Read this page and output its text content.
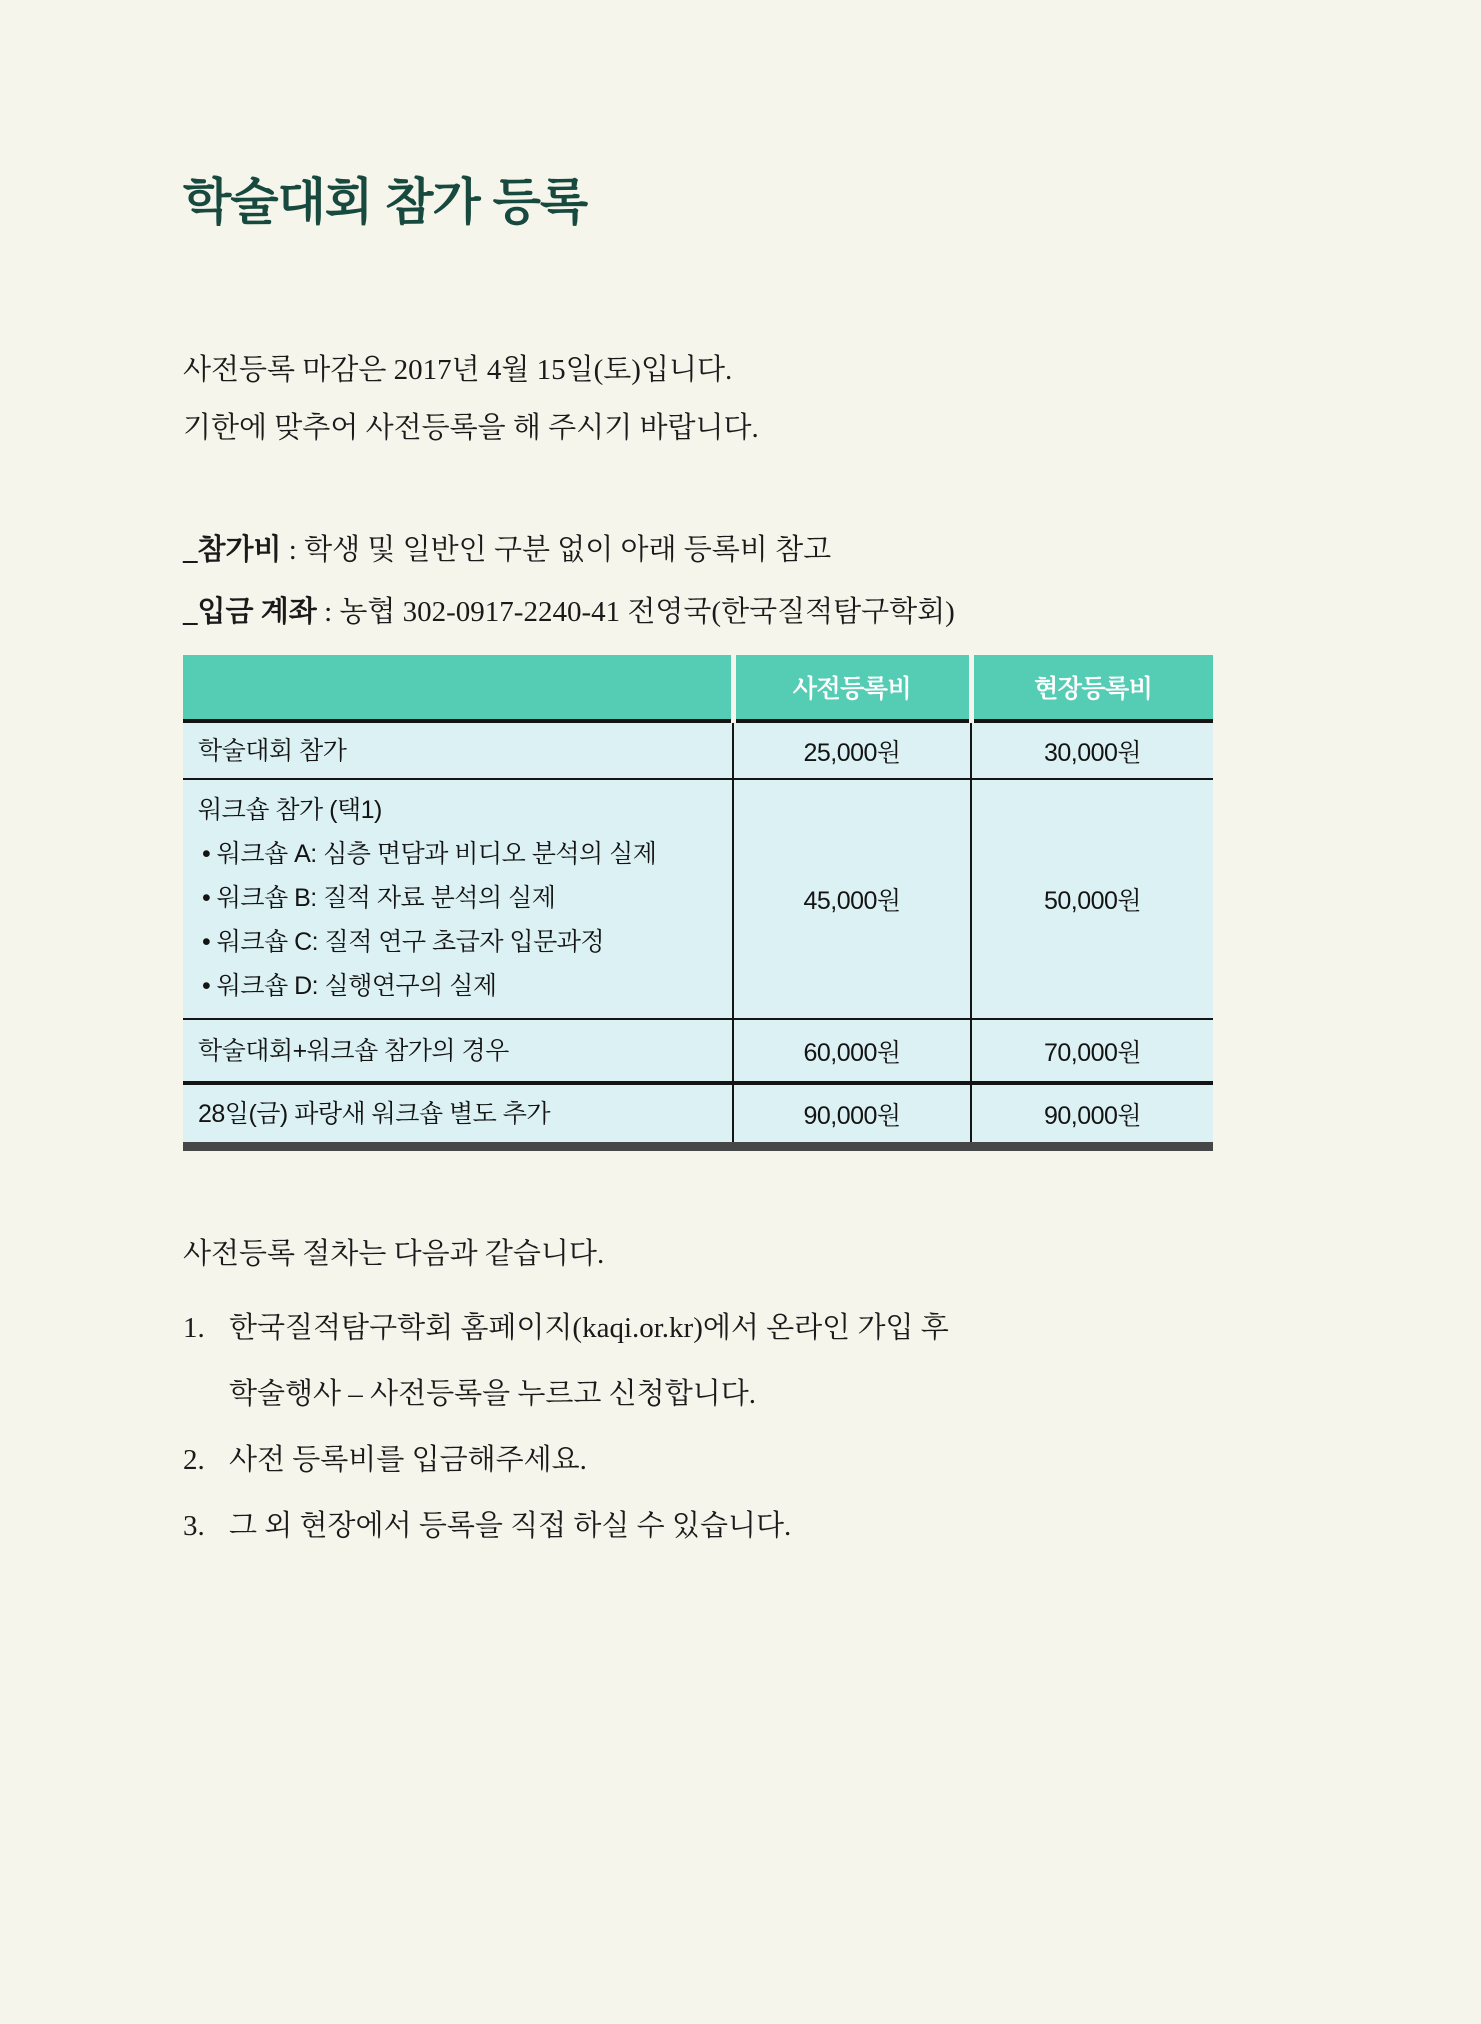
학술대회 참가 등록

사전등록 마감은 2017년 4월 15일(토)입니다.

기한에 맞추어 사전등록을 해 주시기 바랍니다.

_참가비 : 학생 및 일반인 구분 없이 아래 등록비 참고

_입금 계좌 : 농협 302-0917-2240-41 전영국(한국질적탐구학회)

	사전등록비	현장등록비

학술대회 참가	25,000원	30,000원

워크숍 참가 (택1)
• 워크숍 A: 심층 면담과 비디오 분석의 실제
• 워크숍 B: 질적 자료 분석의 실제
• 워크숍 C: 질적 연구 초급자 입문과정
• 워크숍 D: 실행연구의 실제	45,000원	50,000원

학술대회+워크숍 참가의 경우	60,000원	70,000원

28일(금) 파랑새 워크숍 별도 추가	90,000원	90,000원

사전등록 절차는 다음과 같습니다.

1. 한국질적탐구학회 홈페이지(kaqi.or.kr)에서 온라인 가입 후
학술행사 – 사전등록을 누르고 신청합니다.
2. 사전 등록비를 입금해주세요.
3. 그 외 현장에서 등록을 직접 하실 수 있습니다.
